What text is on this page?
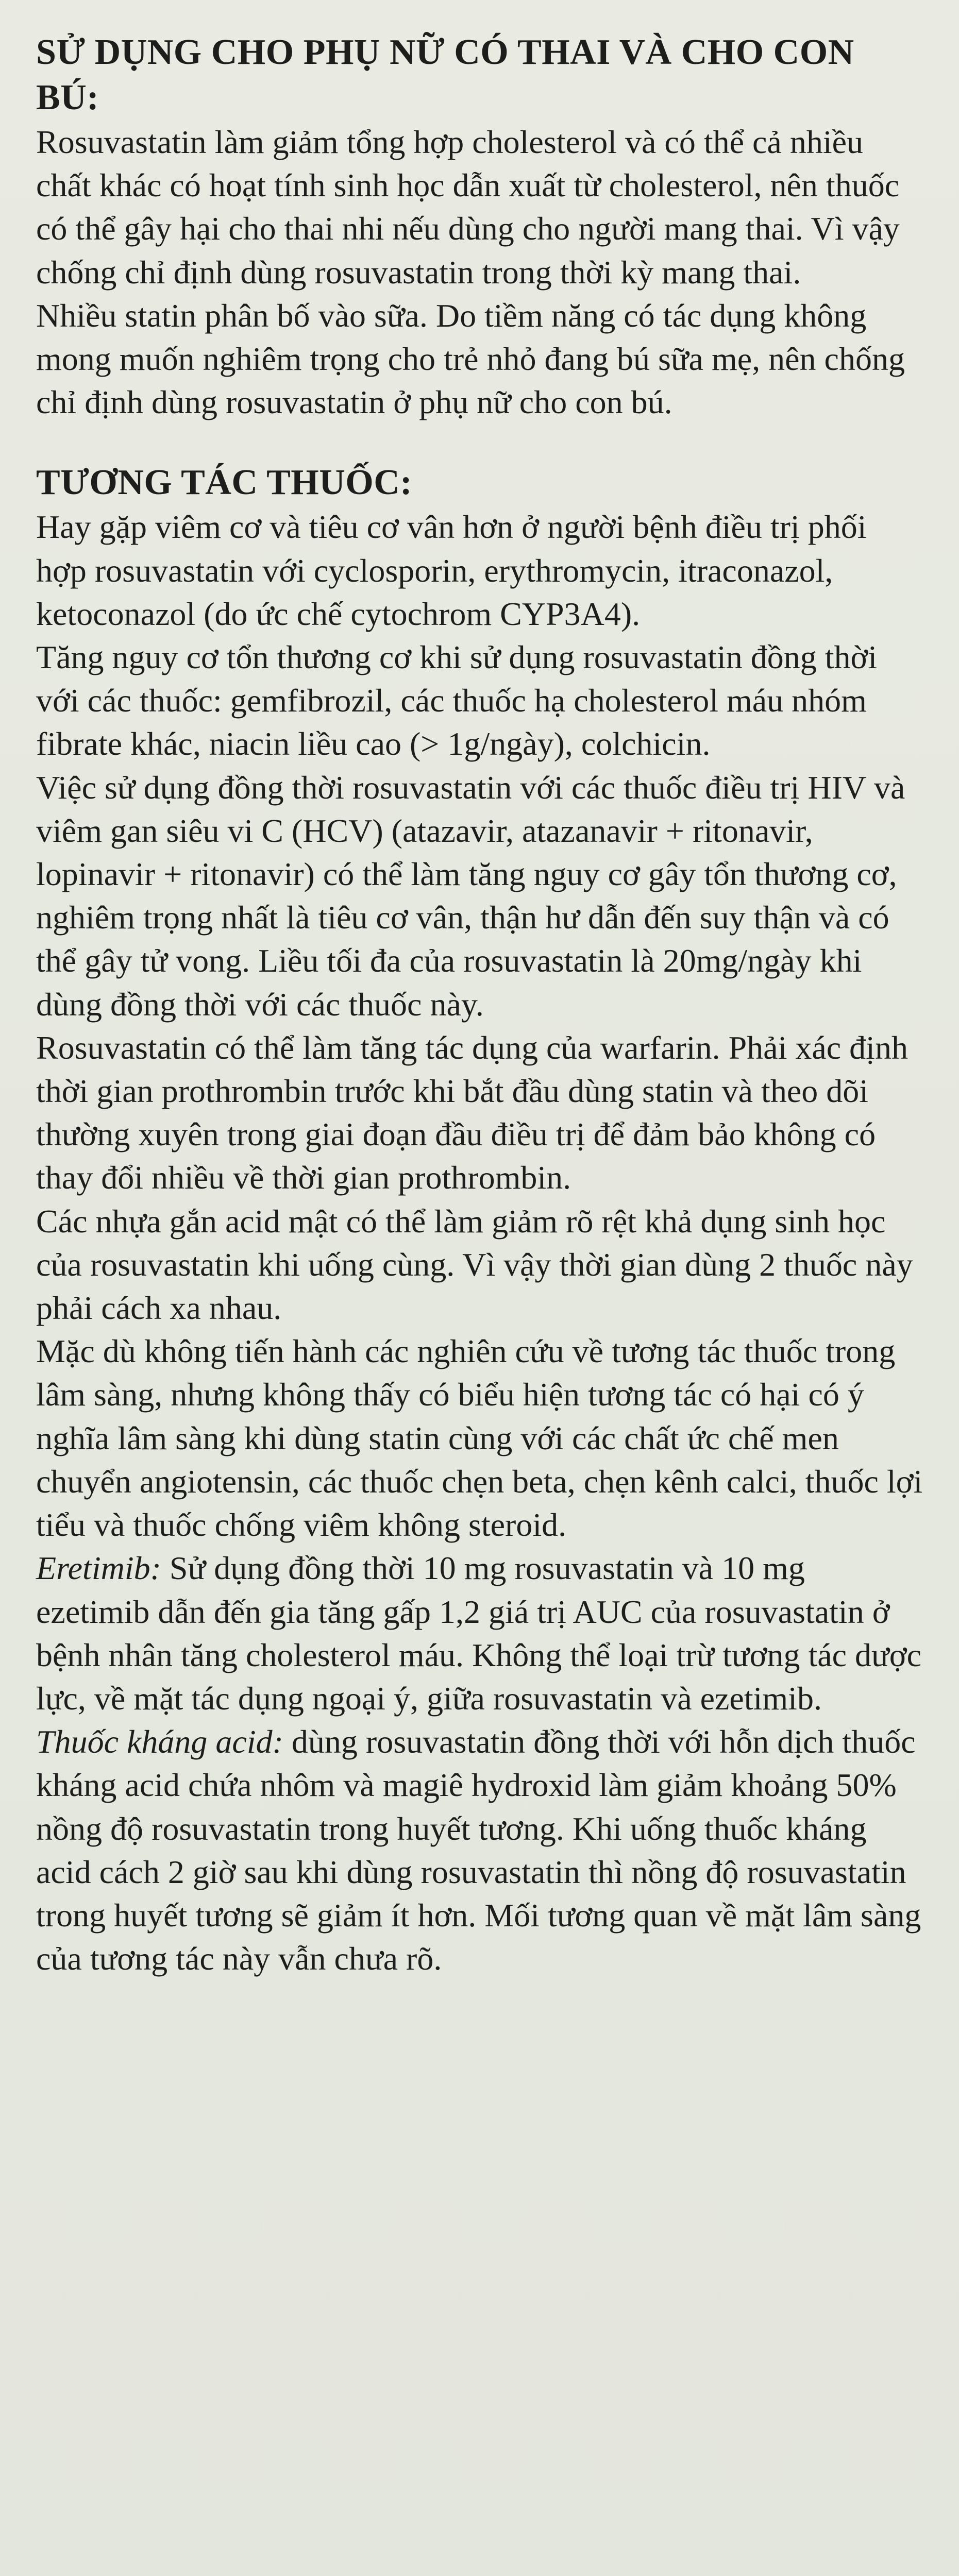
SỬ DỤNG CHO PHỤ NỮ CÓ THAI VÀ CHO CON BÚ:

Rosuvastatin làm giảm tổng hợp cholesterol và có thể cả nhiều chất khác có hoạt tính sinh học dẫn xuất từ cholesterol, nên thuốc có thể gây hại cho thai nhi nếu dùng cho người mang thai. Vì vậy chống chỉ định dùng rosuvastatin trong thời kỳ mang thai.

Nhiều statin phân bố vào sữa. Do tiềm năng có tác dụng không mong muốn nghiêm trọng cho trẻ nhỏ đang bú sữa mẹ, nên chống chỉ định dùng rosuvastatin ở phụ nữ cho con bú.

TƯƠNG TÁC THUỐC:

Hay gặp viêm cơ và tiêu cơ vân hơn ở người bệnh điều trị phối hợp rosuvastatin với cyclosporin, erythromycin, itraconazol, ketoconazol (do ức chế cytochrom CYP3A4).

Tăng nguy cơ tổn thương cơ khi sử dụng rosuvastatin đồng thời với các thuốc: gemfibrozil, các thuốc hạ cholesterol máu nhóm fibrate khác, niacin liều cao (> 1g/ngày), colchicin.

Việc sử dụng đồng thời rosuvastatin với các thuốc điều trị HIV và viêm gan siêu vi C (HCV) (atazavir, atazanavir + ritonavir, lopinavir + ritonavir) có thể làm tăng nguy cơ gây tổn thương cơ, nghiêm trọng nhất là tiêu cơ vân, thận hư dẫn đến suy thận và có thể gây tử vong. Liều tối đa của rosuvastatin là 20mg/ngày khi dùng đồng thời với các thuốc này.

Rosuvastatin có thể làm tăng tác dụng của warfarin. Phải xác định thời gian prothrombin trước khi bắt đầu dùng statin và theo dõi thường xuyên trong giai đoạn đầu điều trị để đảm bảo không có thay đổi nhiều về thời gian prothrombin.

Các nhựa gắn acid mật có thể làm giảm rõ rệt khả dụng sinh học của rosuvastatin khi uống cùng. Vì vậy thời gian dùng 2 thuốc này phải cách xa nhau.

Mặc dù không tiến hành các nghiên cứu về tương tác thuốc trong lâm sàng, nhưng không thấy có biểu hiện tương tác có hại có ý nghĩa lâm sàng khi dùng statin cùng với các chất ức chế men chuyển angiotensin, các thuốc chẹn beta, chẹn kênh calci, thuốc lợi tiểu và thuốc chống viêm không steroid.

Eretimib: Sử dụng đồng thời 10 mg rosuvastatin và 10 mg ezetimib dẫn đến gia tăng gấp 1,2 giá trị AUC của rosuvastatin ở bệnh nhân tăng cholesterol máu. Không thể loại trừ tương tác dược lực, về mặt tác dụng ngoại ý, giữa rosuvastatin và ezetimib.

Thuốc kháng acid: dùng rosuvastatin đồng thời với hỗn dịch thuốc kháng acid chứa nhôm và magiê hydroxid làm giảm khoảng 50% nồng độ rosuvastatin trong huyết tương. Khi uống thuốc kháng acid cách 2 giờ sau khi dùng rosuvastatin thì nồng độ rosuvastatin trong huyết tương sẽ giảm ít hơn. Mối tương quan về mặt lâm sàng của tương tác này vẫn chưa rõ.
